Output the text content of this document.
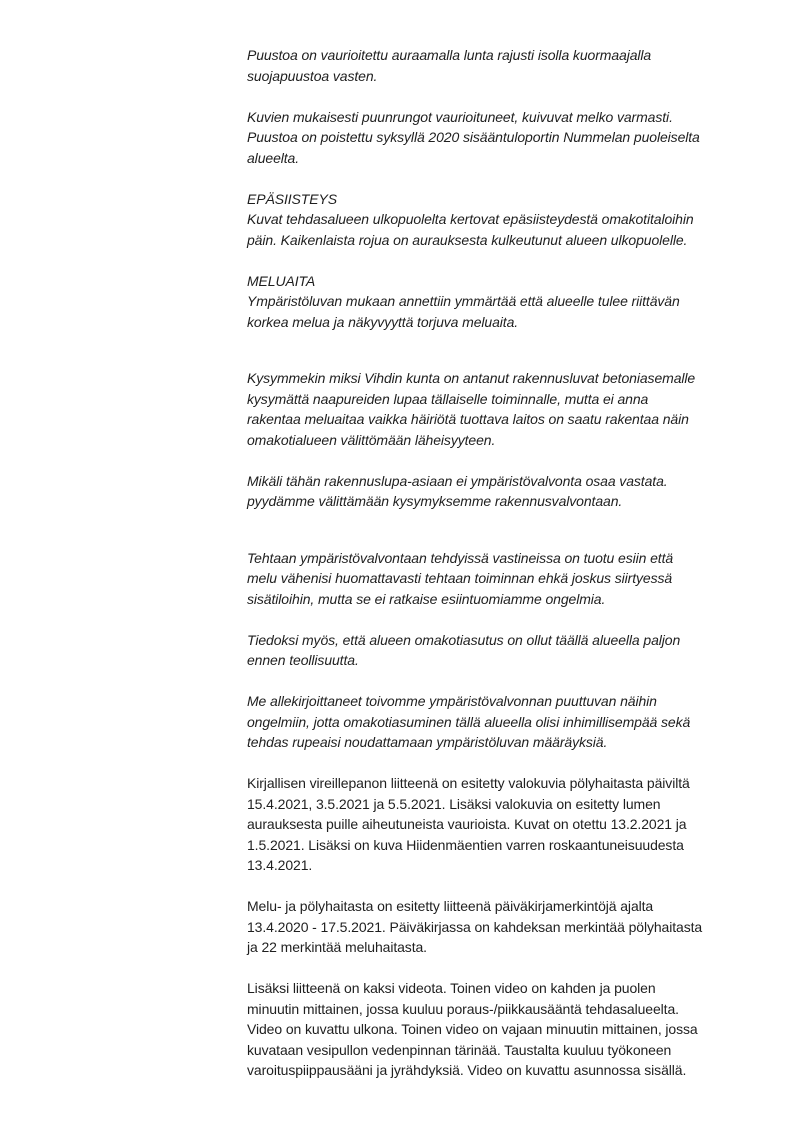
Puustoa on vaurioitettu auraamalla lunta rajusti isolla kuormaajalla
suojapuustoa vasten.
Kuvien mukaisesti puunrungot vaurioituneet, kuivuvat melko varmasti.
Puustoa on poistettu syksyllä 2020 sisääntuloportin Nummelan puoleiselta
alueelta.
EPÄSIISTEYS
Kuvat tehdasalueen ulkopuolelta kertovat epäsiisteydestä omakotitaloihin
päin. Kaikenlaista rojua on aurauksesta kulkeutunut alueen ulkopuolelle.
MELUAITA
Ympäristöluvan mukaan annettiin ymmärtää että alueelle tulee riittävän
korkea melua ja näkyvyyttä torjuva meluaita.
Kysymmekin miksi Vihdin kunta on antanut rakennusluvat betoniasemalle
kysymättä naapureiden lupaa tällaiselle toiminnalle, mutta ei anna
rakentaa meluaitaa vaikka häiriötä tuottava laitos on saatu rakentaa näin
omakotialueen välittömään läheisyyteen.
Mikäli tähän rakennuslupa-asiaan ei ympäristövalvonta osaa vastata.
pyydämme välittämään kysymyksemme rakennusvalvontaan.
Tehtaan ympäristövalvontaan tehdyissä vastineissa on tuotu esiin että
melu vähenisi huomattavasti tehtaan toiminnan ehkä joskus siirtyessä
sisätiloihin, mutta se ei ratkaise esiintuomiamme ongelmia.
Tiedoksi myös, että alueen omakotiasutus on ollut täällä alueella paljon
ennen teollisuutta.
Me allekirjoittaneet toivomme ympäristövalvonnan puuttuvan näihin
ongelmiin, jotta omakotiasuminen tällä alueella olisi inhimillisempää sekä
tehdas rupeaisi noudattamaan ympäristöluvan määräyksiä.
Kirjallisen vireillepanon liitteenä on esitetty valokuvia pölyhaitasta päiviltä
15.4.2021, 3.5.2021 ja 5.5.2021. Lisäksi valokuvia on esitetty lumen
aurauksesta puille aiheutuneista vaurioista. Kuvat on otettu 13.2.2021 ja
1.5.2021. Lisäksi on kuva Hiidenmäentien varren roskaantuneisuudesta
13.4.2021.
Melu- ja pölyhaitasta on esitetty liitteenä päiväkirjamerkintöjä ajalta
13.4.2020 - 17.5.2021. Päiväkirjassa on kahdeksan merkintää pölyhaitasta
ja 22 merkintää meluhaitasta.
Lisäksi liitteenä on kaksi videota. Toinen video on kahden ja puolen
minuutin mittainen, jossa kuuluu poraus-/piikkausääntä tehdasalueelta.
Video on kuvattu ulkona. Toinen video on vajaan minuutin mittainen, jossa
kuvataan vesipullon vedenpinnan tärinää. Taustalta kuuluu työkoneen
varoituspiippausääni ja jyrähdyksiä. Video on kuvattu asunnossa sisällä.
